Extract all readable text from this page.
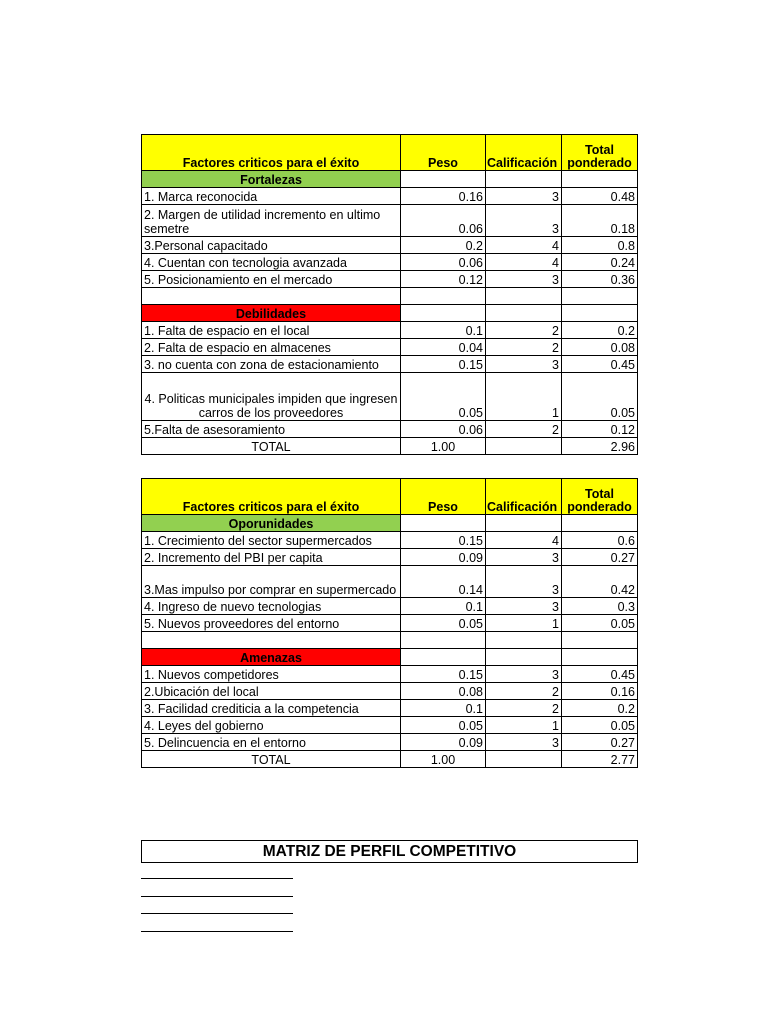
Factores criticos para el éxito	Peso	Calificación	Total
ponderado
Fortalezas			
1. Marca reconocida	0.16	3	0.48
2. Margen de utilidad incremento en ultimo semetre	0.06	3	0.18
3.Personal capacitado	0.2	4	0.8
4. Cuentan con tecnologia avanzada	0.06	4	0.24
5. Posicionamiento en el mercado	0.12	3	0.36

Debilidades			
1. Falta de espacio en el local	0.1	2	0.2
2. Falta de espacio en almacenes	0.04	2	0.08
3. no cuenta con zona de estacionamiento	0.15	3	0.45
4. Politicas municipales impiden que ingresen carros de los proveedores	0.05	1	0.05
5.Falta de asesoramiento	0.06	2	0.12
TOTAL	1.00		2.96
Factores criticos para el éxito	Peso	Calificación	Total
ponderado
Oporunidades			
1. Crecimiento del sector supermercados	0.15	4	0.6
2. Incremento del PBI per capita	0.09	3	0.27
3.Mas impulso por comprar en supermercado	0.14	3	0.42
4. Ingreso de nuevo tecnologias	0.1	3	0.3
5. Nuevos proveedores del entorno	0.05	1	0.05

Amenazas			
1. Nuevos competidores	0.15	3	0.45
2.Ubicación del local	0.08	2	0.16
3. Facilidad crediticia a la competencia	0.1	2	0.2
4. Leyes del gobierno	0.05	1	0.05
5. Delincuencia en el entorno	0.09	3	0.27
TOTAL	1.00		2.77
MATRIZ DE PERFIL COMPETITIVO
